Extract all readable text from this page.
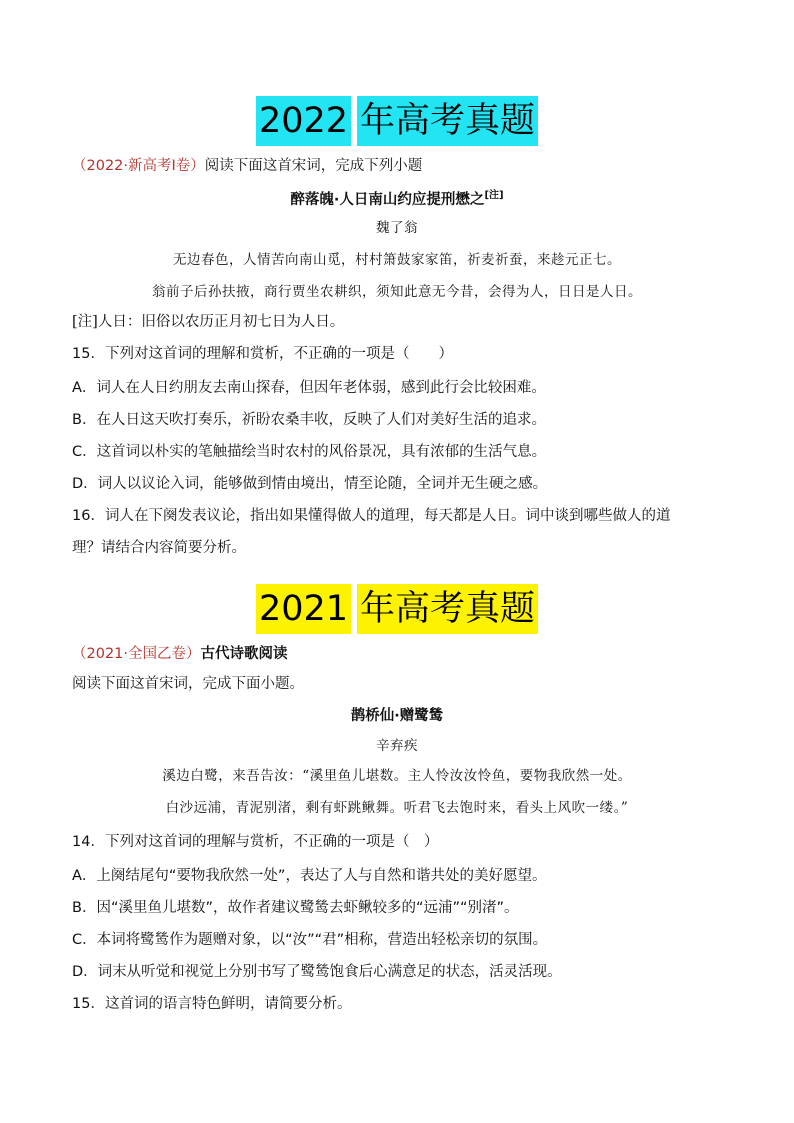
2022 年高考真题
（2022·新高考Ⅰ卷）阅读下面这首宋词，完成下列小题
醉落魄·人日南山约应提刑懋之[注]
魏了翁
无边春色，人情苦向南山觅，村村箫鼓家家笛，祈麦祈蚕，来趁元正七。
翁前子后孙扶掖，商行贾坐农耕织，须知此意无今昔，会得为人，日日是人日。
[注]人日：旧俗以农历正月初七日为人日。
15．下列对这首词的理解和赏析，不正确的一项是（　　）
A．词人在人日约朋友去南山探春，但因年老体弱，感到此行会比较困难。
B．在人日这天吹打奏乐，祈盼农桑丰收，反映了人们对美好生活的追求。
C．这首词以朴实的笔触描绘当时农村的风俗景况，具有浓郁的生活气息。
D．词人以议论入词，能够做到情由境出，情至论随，全词并无生硬之感。
16．词人在下阕发表议论，指出如果懂得做人的道理，每天都是人日。词中谈到哪些做人的道
理？请结合内容简要分析。
2021 年高考真题
（2021·全国乙卷）古代诗歌阅读
阅读下面这首宋词，完成下面小题。
鹊桥仙·赠鹭鸶
辛弃疾
溪边白鹭，来吾告汝：“溪里鱼儿堪数。主人怜汝汝怜鱼，要物我欣然一处。
白沙远浦，青泥别渚，剩有虾跳鳅舞。听君飞去饱时来，看头上风吹一缕。”
14．下列对这首词的理解与赏析，不正确的一项是（　）
A．上阕结尾句“要物我欣然一处”，表达了人与自然和谐共处的美好愿望。
B．因“溪里鱼儿堪数”，故作者建议鹭鸶去虾鳅较多的“远浦”“别渚”。
C．本词将鹭鸶作为题赠对象，以“汝”“君”相称，营造出轻松亲切的氛围。
D．词末从听觉和视觉上分别书写了鹭鸶饱食后心满意足的状态，活灵活现。
15．这首词的语言特色鲜明，请简要分析。
